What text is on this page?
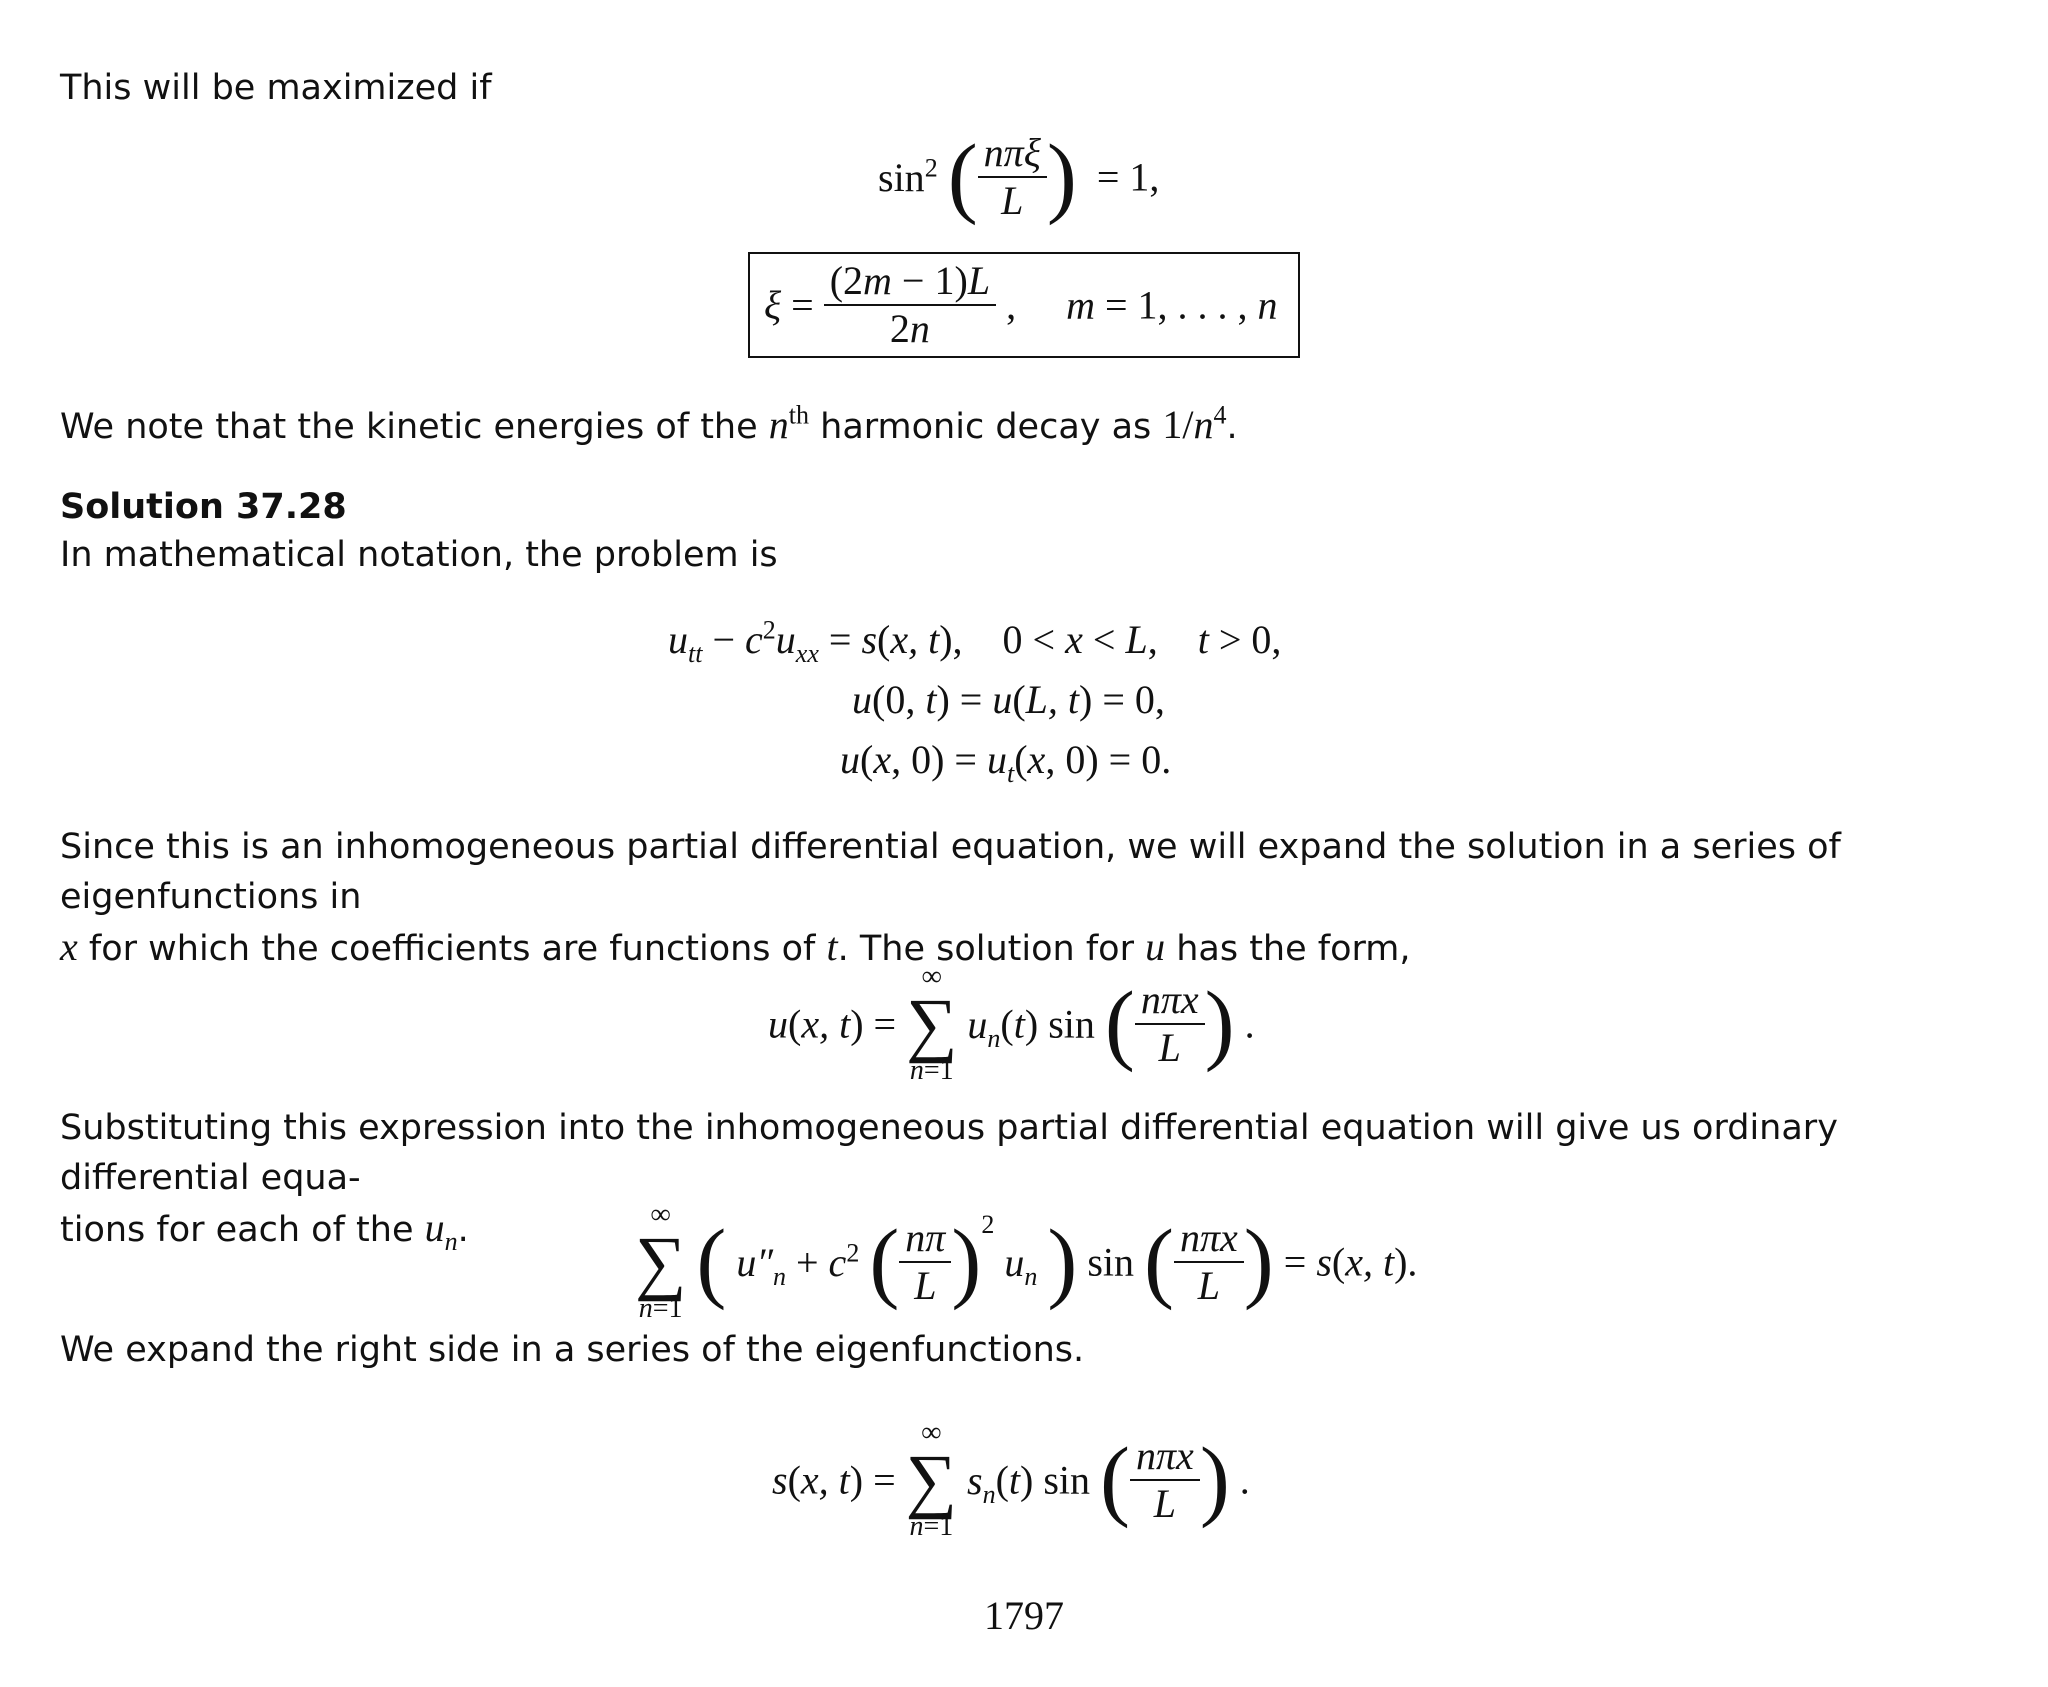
This will be maximized if
$\sin^2$ ( $\frac{\text{nπξ}}{L}$ )  = 1,
$\xi = \frac{(2m - 1)L}{2n}$ ,     m = 1, . . . , n
We note that the kinetic energies of the $n^{th}$ harmonic decay as $1/n^4$.
Solution 37.28
In mathematical notation, the problem is
$u_{tt} - c^2u_{xx} = s(x$, t),    0 < x < L,    t > 0,
u(0, t) = u(L, t) = 0,
u(x, $0) = u_t(x$, 0) = 0.
Since this is an inhomogeneous partial differential equation, we will expand the solution in a series of eigenfunctions in
x for which the coefficients are functions of t. The solution for u has the form,
u(x, t) =
∞
∑
n=1
$u_n(t)$ sin ( $\frac{\text{nπx}}{L}$ ) .
Substituting this expression into the inhomogeneous partial differential equation will give us ordinary differential equa-
tions for each of the $u_n$.	∞
∑
n=1 ( $u''_n + c^2$ ( $\frac{n\pi}{L} )^2$ $u_n$ ) sin ( $\frac{\text{nπx}}{L}$ ) = s(x, t).
We expand the right side in a series of the eigenfunctions.
s(x, t) =
∞
∑
n=1
$s_n(t)$ sin ( $\frac{\text{nπx}}{L}$ ) .
1797
